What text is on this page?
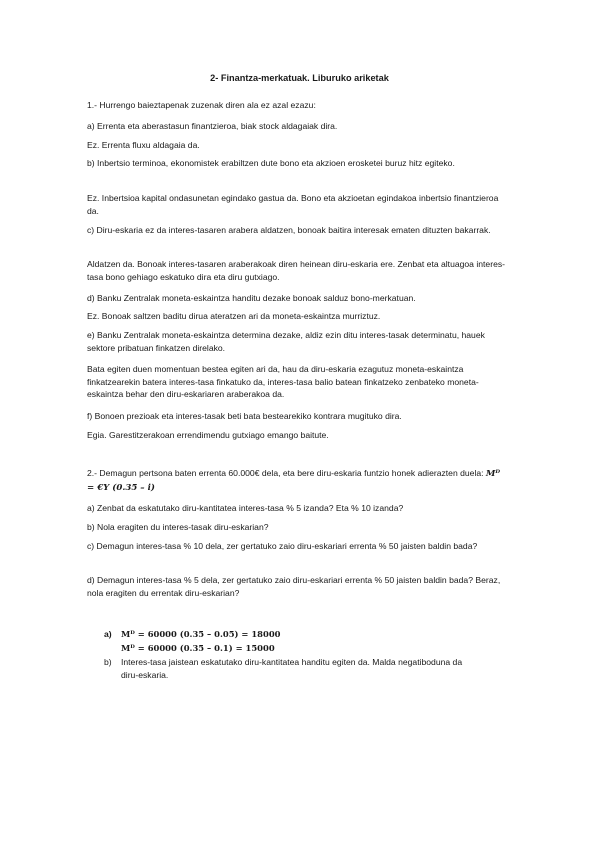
2- Finantza-merkatuak. Liburuko ariketak

1.- Hurrengo baieztapenak zuzenak diren ala ez azal ezazu:

a) Errenta eta aberastasun finantzieroa, biak stock aldagaiak dira.

Ez. Errenta fluxu aldagaia da.

b) Inbertsio terminoa, ekonomistek erabiltzen dute bono eta akzioen erosketei buruz hitz egiteko.

Ez. Inbertsioa kapital ondasunetan egindako gastua da. Bono eta akzioetan egindakoa inbertsio finantzieroa da.

c) Diru-eskaria ez da interes-tasaren arabera aldatzen, bonoak baitira interesak ematen dituzten bakarrak.

Aldatzen da. Bonoak interes-tasaren araberakoak diren heinean diru-eskaria ere. Zenbat eta altuagoa interes-tasa bono gehiago eskatuko dira eta diru gutxiago.

d) Banku Zentralak moneta-eskaintza handitu dezake bonoak salduz bono-merkatuan.

Ez. Bonoak saltzen baditu dirua ateratzen ari da moneta-eskaintza murriztuz.

e) Banku Zentralak moneta-eskaintza determina dezake, aldiz ezin ditu interes-tasak determinatu, hauek sektore pribatuan finkatzen direlako.

Bata egiten duen momentuan bestea egiten ari da, hau da diru-eskaria ezagutuz moneta-eskaintza finkatzearekin batera interes-tasa finkatuko da, interes-tasa balio batean finkatzeko zenbateko moneta-eskaintza behar den diru-eskariaren araberakoa da.

f) Bonoen prezioak eta interes-tasak beti bata bestearekiko kontrara mugituko dira.

Egia. Garestitzerakoan errendimendu gutxiago emango baitute.

2.- Demagun pertsona baten errenta 60.000€ dela, eta bere diru-eskaria funtzio honek adierazten duela: Mᴰ = €Y (0.35 – i)

a) Zenbat da eskatutako diru-kantitatea interes-tasa % 5 izanda? Eta % 10 izanda?

b) Nola eragiten du interes-tasak diru-eskarian?

c) Demagun interes-tasa % 10 dela, zer gertatuko zaio diru-eskariari errenta % 50 jaisten baldin bada?

d) Demagun interes-tasa % 5 dela, zer gertatuko zaio diru-eskariari errenta % 50 jaisten baldin bada? Beraz, nola eragiten du errentak diru-eskarian?

a) Mᴰ = 60000 (0.35 – 0.05) = 18000
Mᴰ = 60000 (0.35 – 0.1) = 15000
b) Interes-tasa jaistean eskatutako diru-kantitatea handitu egiten da. Malda negatiboduna da diru-eskaria.
